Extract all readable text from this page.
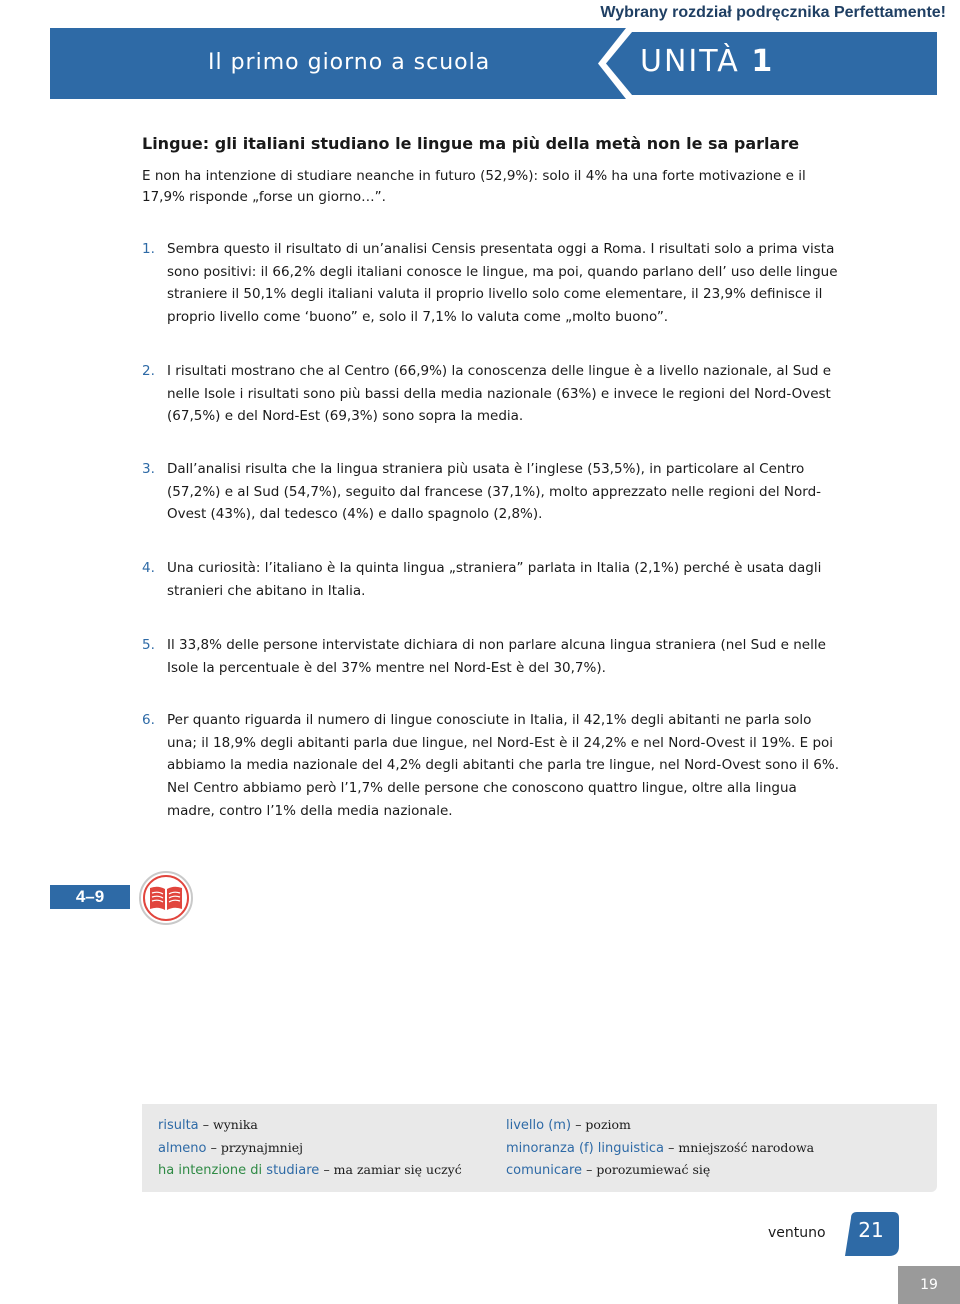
Wybrany rozdział podręcznika Perfettamente!
Il primo giorno a scuola	UNITÀ 1
Lingue: gli italiani studiano le lingue ma più della metà non le sa parlare

E non ha intenzione di studiare neanche in futuro (52,9%): solo il 4% ha una forte motivazione e il 17,9% risponde „forse un giorno…”.

1. Sembra questo il risultato di un’analisi Censis presentata oggi a Roma. I risultati solo a prima vista sono positivi: il 66,2% degli italiani conosce le lingue, ma poi, quando parlano dell’ uso delle lingue straniere il 50,1% degli italiani valuta il proprio livello solo come elementare, il 23,9% definisce il proprio livello come ‘buono” e, solo il 7,1% lo valuta come „molto buono”.
2. I risultati mostrano che al Centro (66,9%) la conoscenza delle lingue è a livello nazionale, al Sud e nelle Isole i risultati sono più bassi della media nazionale (63%) e invece le regioni del Nord-Ovest (67,5%) e del Nord-Est (69,3%) sono sopra la media.
3. Dall’analisi risulta che la lingua straniera più usata è l’inglese (53,5%), in particolare al Centro (57,2%) e al Sud (54,7%), seguito dal francese (37,1%), molto apprezzato nelle regioni del Nord-Ovest (43%), dal tedesco (4%) e dallo spagnolo (2,8%).
4. Una curiosità: l’italiano è la quinta lingua „straniera” parlata in Italia (2,1%) perché è usata dagli stranieri che abitano in Italia.
5. Il 33,8% delle persone intervistate dichiara di non parlare alcuna lingua straniera (nel Sud e nelle Isole la percentuale è del 37% mentre nel Nord-Est è del 30,7%).
6. Per quanto riguarda il numero di lingue conosciute in Italia, il 42,1% degli abitanti ne parla solo una; il 18,9% degli abitanti parla due lingue, nel Nord-Est è il 24,2% e nel Nord-Ovest il 19%. E poi abbiamo la media nazionale del 4,2% degli abitanti che parla tre lingue, nel Nord-Ovest sono il 6%. Nel Centro abbiamo però l’1,7% delle persone che conoscono quattro lingue, oltre alla lingua madre, contro l’1% della media nazionale.
4–9
risulta – wynika
almeno – przynajmniej
ha intenzione di studiare – ma zamiar się uczyć
livello (m) – poziom
minoranza (f) linguistica – mniejszość narodowa
comunicare – porozumiewać się
ventuno	21
19
